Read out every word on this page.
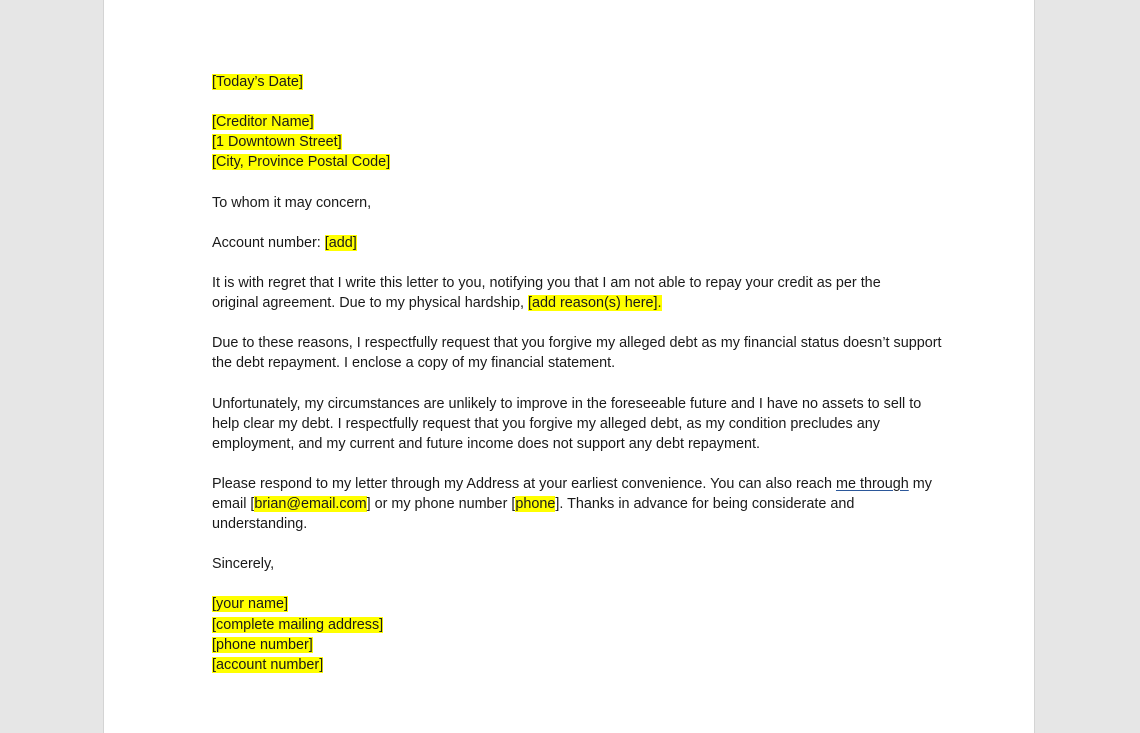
[Today’s Date]
[Creditor Name]
[1 Downtown Street]
[City, Province Postal Code]
To whom it may concern,
Account number: [add]
It is with regret that I write this letter to you, notifying you that I am not able to repay your credit as per the
original agreement. Due to my physical hardship, [add reason(s) here].
Due to these reasons, I respectfully request that you forgive my alleged debt as my financial status doesn’t support
the debt repayment. I enclose a copy of my financial statement.
Unfortunately, my circumstances are unlikely to improve in the foreseeable future and I have no assets to sell to
help clear my debt. I respectfully request that you forgive my alleged debt, as my condition precludes any
employment, and my current and future income does not support any debt repayment.
Please respond to my letter through my Address at your earliest convenience. You can also reach me through my
email [brian@email.com] or my phone number [phone]. Thanks in advance for being considerate and
understanding.
Sincerely,
[your name]
[complete mailing address]
[phone number]
[account number]
